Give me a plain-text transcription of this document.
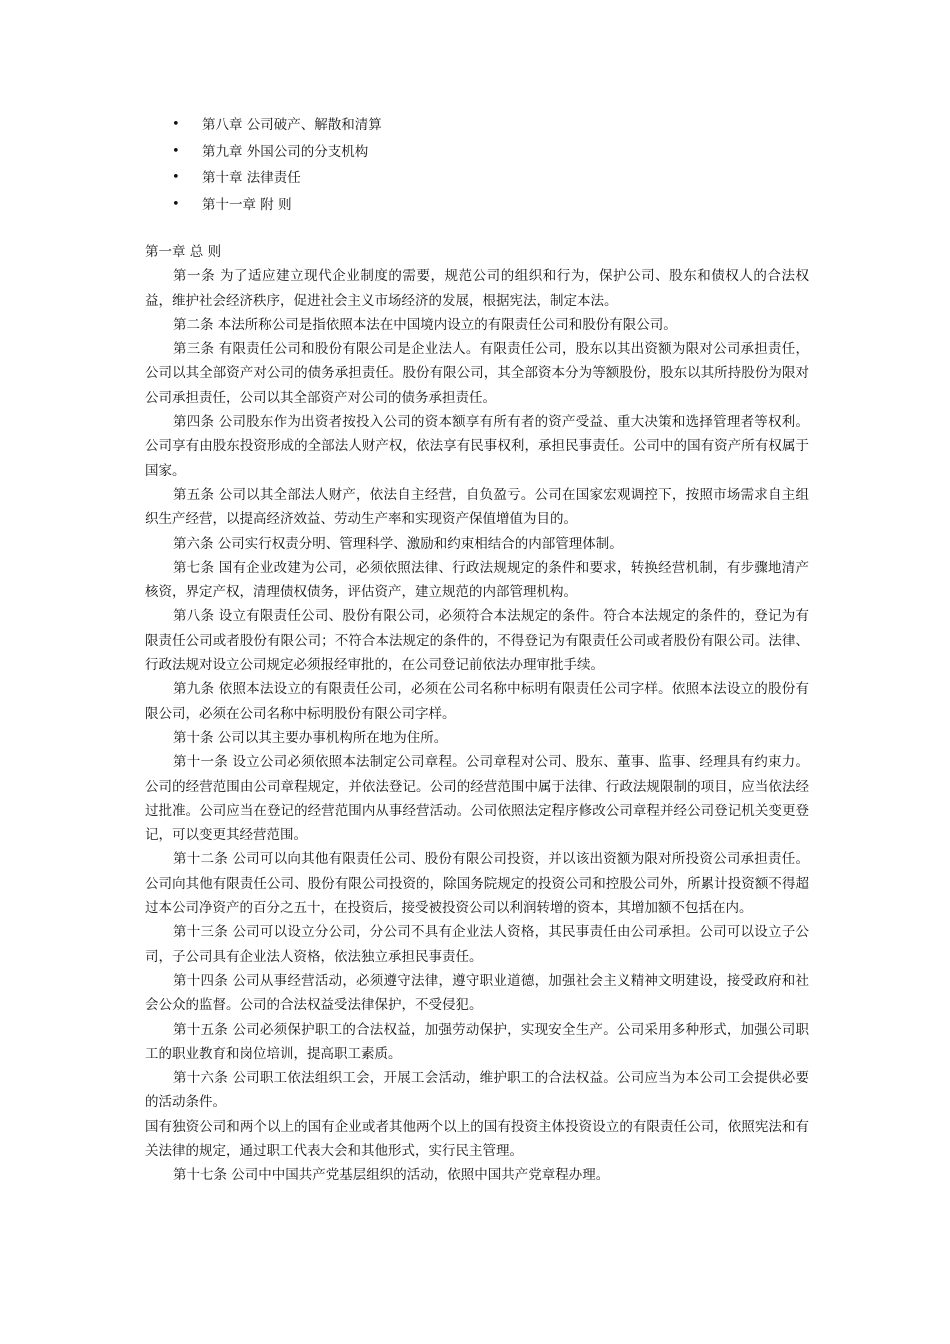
• 第八章 公司破产、解散和清算
• 第九章 外国公司的分支机构
• 第十章 法律责任
• 第十一章 附 则
第一章 总 则

第一条 为了适应建立现代企业制度的需要，规范公司的组织和行为，保护公司、股东和债权人的合法权益，维护社会经济秩序，促进社会主义市场经济的发展，根据宪法，制定本法。

第二条 本法所称公司是指依照本法在中国境内设立的有限责任公司和股份有限公司。

第三条 有限责任公司和股份有限公司是企业法人。有限责任公司，股东以其出资额为限对公司承担责任，公司以其全部资产对公司的债务承担责任。股份有限公司，其全部资本分为等额股份，股东以其所持股份为限对公司承担责任，公司以其全部资产对公司的债务承担责任。

第四条 公司股东作为出资者按投入公司的资本额享有所有者的资产受益、重大决策和选择管理者等权利。公司享有由股东投资形成的全部法人财产权，依法享有民事权利，承担民事责任。公司中的国有资产所有权属于国家。

第五条 公司以其全部法人财产，依法自主经营，自负盈亏。公司在国家宏观调控下，按照市场需求自主组织生产经营，以提高经济效益、劳动生产率和实现资产保值增值为目的。

第六条 公司实行权责分明、管理科学、激励和约束相结合的内部管理体制。

第七条 国有企业改建为公司，必须依照法律、行政法规规定的条件和要求，转换经营机制，有步骤地清产核资，界定产权，清理债权债务，评估资产，建立规范的内部管理机构。

第八条 设立有限责任公司、股份有限公司，必须符合本法规定的条件。符合本法规定的条件的，登记为有限责任公司或者股份有限公司；不符合本法规定的条件的，不得登记为有限责任公司或者股份有限公司。法律、行政法规对设立公司规定必须报经审批的，在公司登记前依法办理审批手续。

第九条 依照本法设立的有限责任公司，必须在公司名称中标明有限责任公司字样。依照本法设立的股份有限公司，必须在公司名称中标明股份有限公司字样。

第十条 公司以其主要办事机构所在地为住所。

第十一条 设立公司必须依照本法制定公司章程。公司章程对公司、股东、董事、监事、经理具有约束力。公司的经营范围由公司章程规定，并依法登记。公司的经营范围中属于法律、行政法规限制的项目，应当依法经过批准。公司应当在登记的经营范围内从事经营活动。公司依照法定程序修改公司章程并经公司登记机关变更登记，可以变更其经营范围。

第十二条 公司可以向其他有限责任公司、股份有限公司投资，并以该出资额为限对所投资公司承担责任。公司向其他有限责任公司、股份有限公司投资的，除国务院规定的投资公司和控股公司外，所累计投资额不得超过本公司净资产的百分之五十，在投资后，接受被投资公司以利润转增的资本，其增加额不包括在内。

第十三条 公司可以设立分公司，分公司不具有企业法人资格，其民事责任由公司承担。公司可以设立子公司，子公司具有企业法人资格，依法独立承担民事责任。

第十四条 公司从事经营活动，必须遵守法律，遵守职业道德，加强社会主义精神文明建设，接受政府和社会公众的监督。公司的合法权益受法律保护，不受侵犯。

第十五条 公司必须保护职工的合法权益，加强劳动保护，实现安全生产。公司采用多种形式，加强公司职工的职业教育和岗位培训，提高职工素质。

第十六条 公司职工依法组织工会，开展工会活动，维护职工的合法权益。公司应当为本公司工会提供必要的活动条件。

国有独资公司和两个以上的国有企业或者其他两个以上的国有投资主体投资设立的有限责任公司，依照宪法和有关法律的规定，通过职工代表大会和其他形式，实行民主管理。

第十七条 公司中中国共产党基层组织的活动，依照中国共产党章程办理。
